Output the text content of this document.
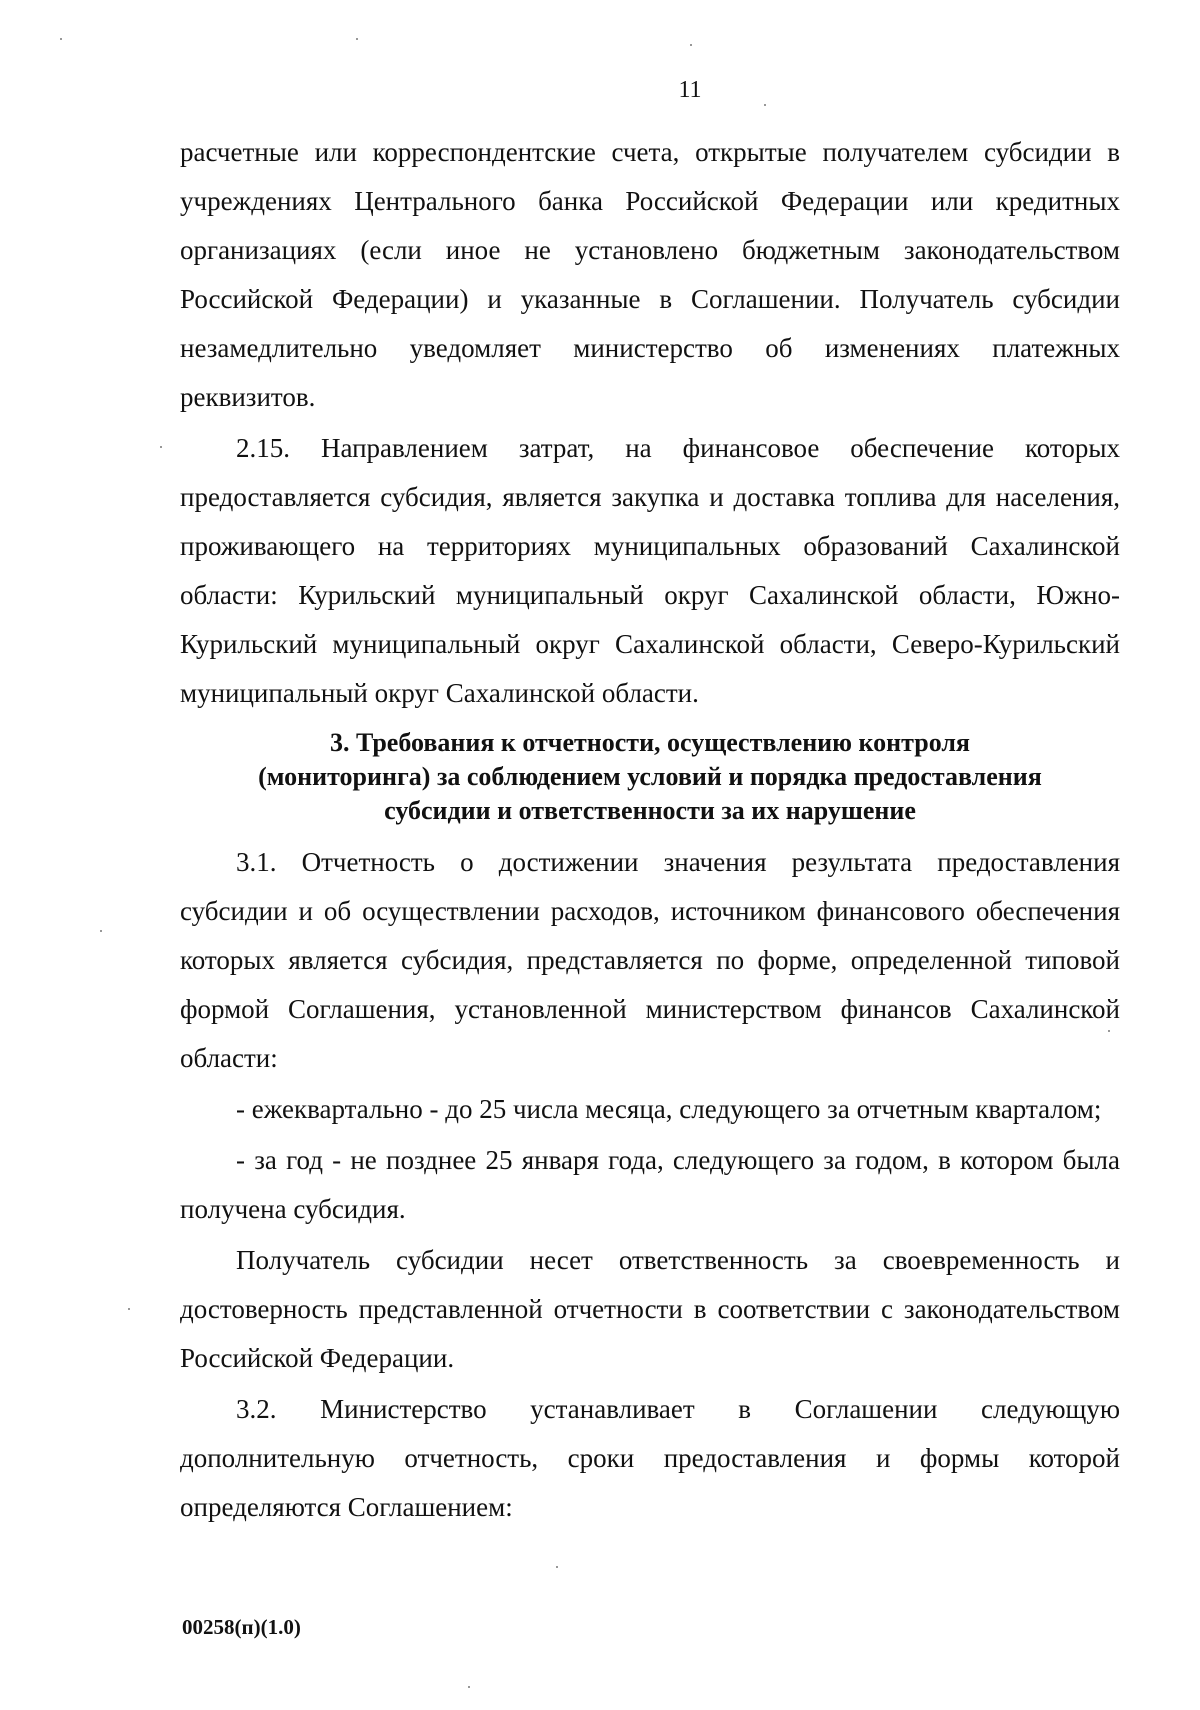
11

расчетные или корреспондентские счета, открытые получателем субсидии в учреждениях Центрального банка Российской Федерации или кредитных организациях (если иное не установлено бюджетным законодательством Российской Федерации) и указанные в Соглашении. Получатель субсидии незамедлительно уведомляет министерство об изменениях платежных реквизитов.

2.15. Направлением затрат, на финансовое обеспечение которых предоставляется субсидия, является закупка и доставка топлива для населения, проживающего на территориях муниципальных образований Сахалинской области: Курильский муниципальный округ Сахалинской области, Южно-Курильский муниципальный округ Сахалинской области, Северо-Курильский муниципальный округ Сахалинской области.

3. Требования к отчетности, осуществлению контроля
(мониторинга) за соблюдением условий и порядка предоставления
субсидии и ответственности за их нарушение

3.1. Отчетность о достижении значения результата предоставления субсидии и об осуществлении расходов, источником финансового обеспечения которых является субсидия, представляется по форме, определенной типовой формой Соглашения, установленной министерством финансов Сахалинской области:

- ежеквартально - до 25 числа месяца, следующего за отчетным кварталом;

- за год - не позднее 25 января года, следующего за годом, в котором была получена субсидия.

Получатель субсидии несет ответственность за своевременность и достоверность представленной отчетности в соответствии с законодательством Российской Федерации.

3.2. Министерство устанавливает в Соглашении следующую дополнительную отчетность, сроки предоставления и формы которой определяются Соглашением:

00258(п)(1.0)
